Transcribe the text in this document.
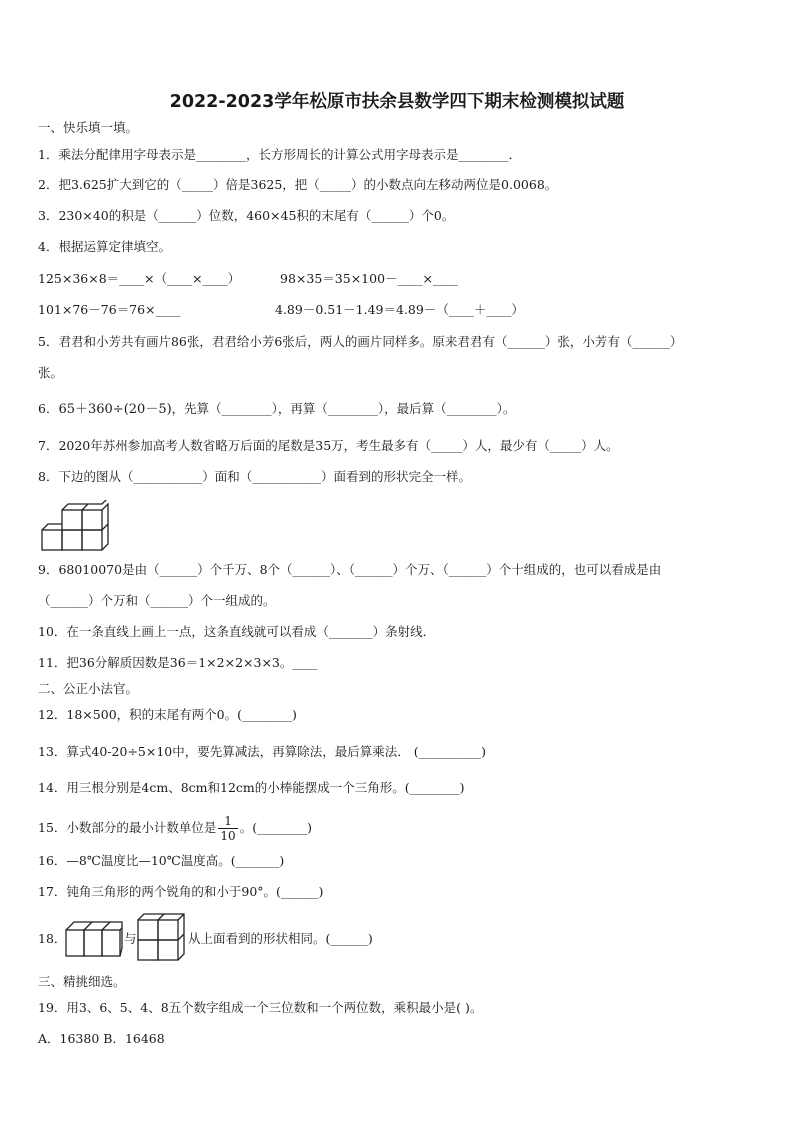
2022-2023学年松原市扶余县数学四下期末检测模拟试题
一、快乐填一填。
1．乘法分配律用字母表示是________，长方形周长的计算公式用字母表示是________．
2．把3.625扩大到它的（_____）倍是3625，把（_____）的小数点向左移动两位是0.0068。
3．230×40的积是（______）位数，460×45积的末尾有（______）个0。
4．根据运算定律填空。
125×36×8＝____×（____×____）	98×35＝35×100－____×____
101×76－76＝76×____	4.89－0.51－1.49＝4.89－（____＋____）
5．君君和小芳共有画片86张，君君给小芳6张后，两人的画片同样多。原来君君有（______）张，小芳有（______）
张。
6．65＋360÷(20－5)，先算（________），再算（________），最后算（________）。
7．2020年苏州参加高考人数省略万后面的尾数是35万，考生最多有（_____）人，最少有（_____）人。
8．下边的图从（___________）面和（___________）面看到的形状完全一样。
9．68010070是由（______）个千万、8个（______）、（______）个万、（______）个十组成的，也可以看成是由
（______）个万和（______）个一组成的。
10．在一条直线上画上一点，这条直线就可以看成（_______）条射线．
11．把36分解质因数是36＝1×2×2×3×3。____
二、公正小法官。
12．18×500，积的末尾有两个0。(________)
13．算式40-20÷5×10中，要先算减法，再算除法，最后算乘法． (__________)
14．用三根分别是4cm、8cm和12cm的小棒能摆成一个三角形。(________)
15．小数部分的最小计数单位是 $\frac{1}{10}$ 。(________)
16．—8℃温度比—10℃温度高。(_______)
17．钝角三角形的两个锐角的和小于90°。(______)
18．	与	从上面看到的形状相同。(______)
三、精挑细选。
19．用3、6、5、4、8五个数字组成一个三位数和一个两位数，乘积最小是( )。
A．16380 B．16468
